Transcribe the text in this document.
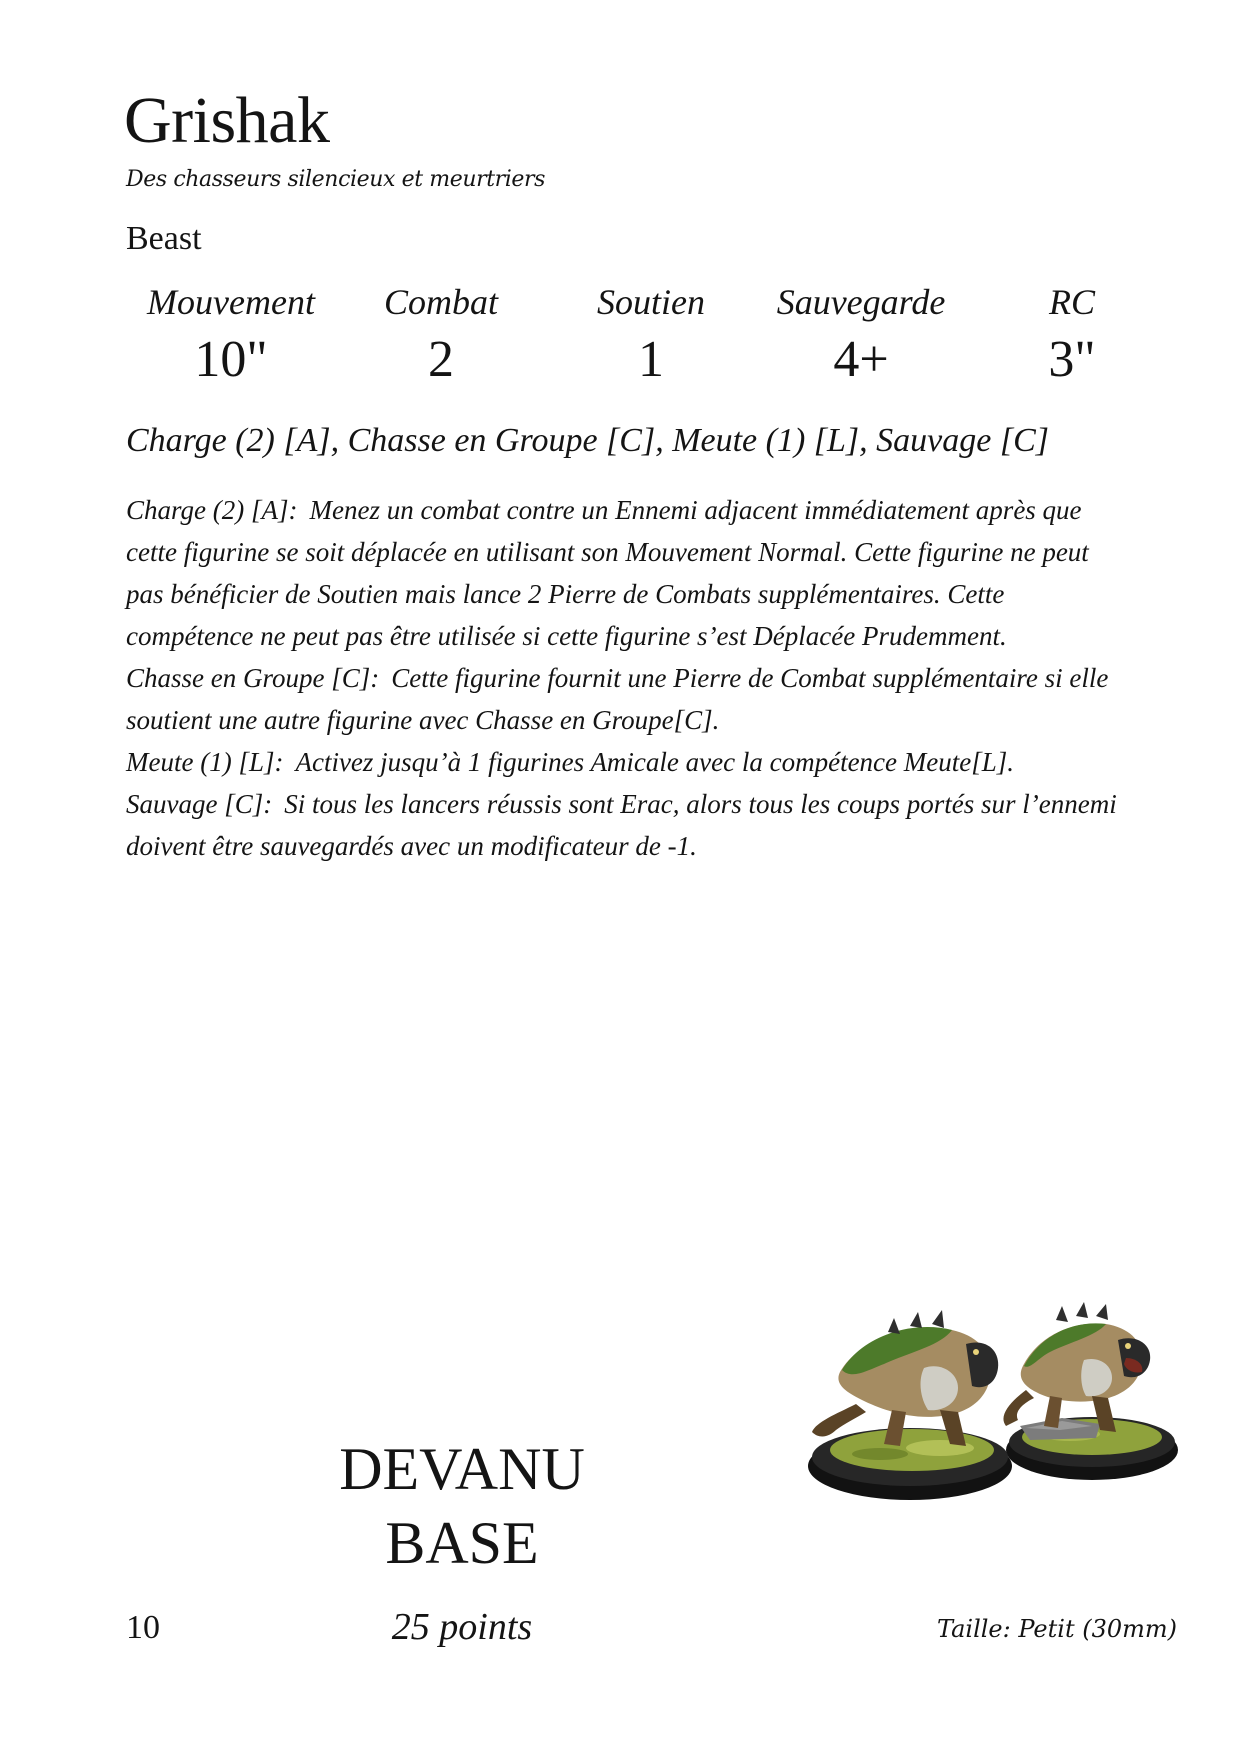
Grishak
Des chasseurs silencieux et meurtriers
Beast
Mouvement
10"
Combat
2
Soutien
1
Sauvegarde
4+
RC
3"
Charge (2) [A], Chasse en Groupe [C], Meute (1) [L], Sauvage [C]

Charge (2) [A]: Menez un combat contre un Ennemi adjacent immédiatement après que cette figurine se soit déplacée en utilisant son Mouvement Normal. Cette figurine ne peut pas bénéficier de Soutien mais lance 2 Pierre de Combats supplémentaires. Cette compétence ne peut pas être utilisée si cette figurine s’est Déplacée Prudemment.

Chasse en Groupe [C]: Cette figurine fournit une Pierre de Combat supplémentaire si elle soutient une autre figurine avec Chasse en Groupe[C].

Meute (1) [L]: Activez jusqu’à 1 figurines Amicale avec la compétence Meute[L].

Sauvage [C]: Si tous les lancers réussis sont Erac, alors tous les coups portés sur l’ennemi doivent être sauvegardés avec un modificateur de -1.

DEVANU
BASE
25 points
10	Taille: Petit (30mm)
